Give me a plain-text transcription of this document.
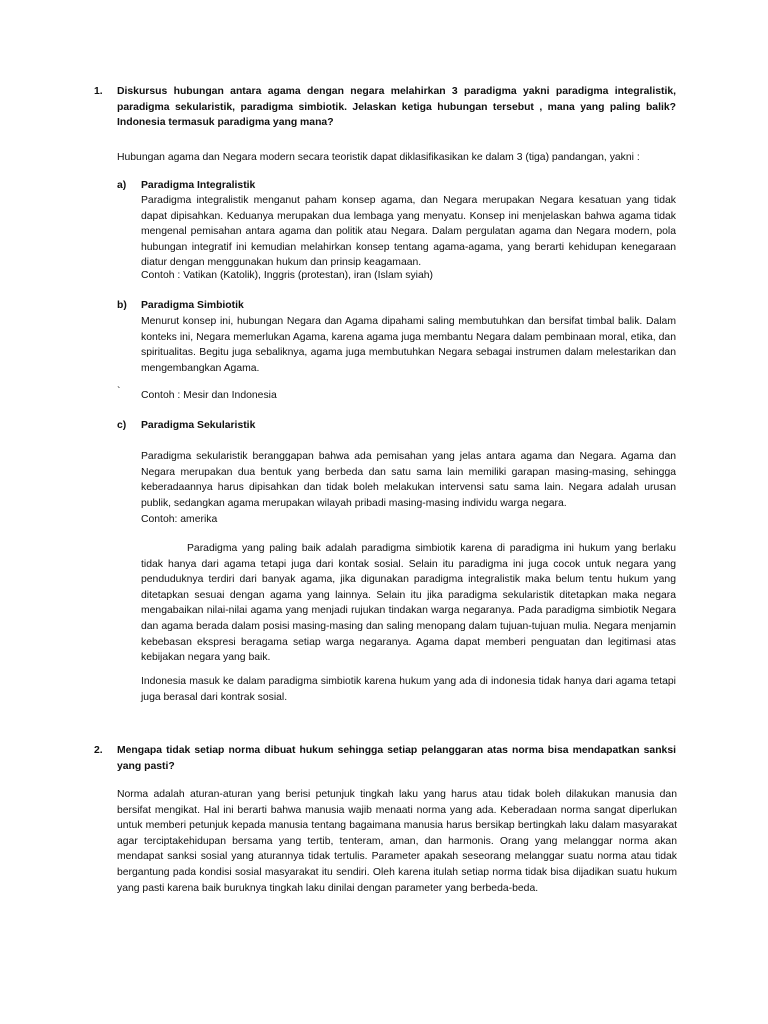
1. Diskursus hubungan antara agama dengan negara melahirkan 3 paradigma yakni paradigma integralistik, paradigma sekularistik, paradigma simbiotik. Jelaskan ketiga hubungan tersebut , mana yang paling balik? Indonesia termasuk paradigma yang mana?
Hubungan agama dan Negara modern secara teoristik dapat diklasifikasikan ke dalam 3 (tiga) pandangan, yakni :
a) Paradigma Integralistik
Paradigma integralistik menganut paham konsep agama, dan Negara merupakan Negara kesatuan yang tidak dapat dipisahkan. Keduanya merupakan dua lembaga yang menyatu. Konsep ini menjelaskan bahwa agama tidak mengenal pemisahan antara agama dan politik atau Negara. Dalam pergulatan agama dan Negara modern, pola hubungan integratif ini kemudian melahirkan konsep tentang agama-agama, yang berarti kehidupan kenegaraan diatur dengan menggunakan hukum dan prinsip keagamaan.
Contoh : Vatikan (Katolik), Inggris (protestan), iran (Islam syiah)
b) Paradigma Simbiotik
Menurut konsep ini, hubungan Negara dan Agama dipahami saling membutuhkan dan bersifat timbal balik. Dalam konteks ini, Negara memerlukan Agama, karena agama juga membantu Negara dalam pembinaan moral, etika, dan spiritualitas. Begitu juga sebaliknya, agama juga membutuhkan Negara sebagai instrumen dalam melestarikan dan mengembangkan Agama.
` Contoh : Mesir dan Indonesia
c) Paradigma Sekularistik
Paradigma sekularistik beranggapan bahwa ada pemisahan yang jelas antara agama dan Negara. Agama dan Negara merupakan dua bentuk yang berbeda dan satu sama lain memiliki garapan masing-masing, sehingga keberadaannya harus dipisahkan dan tidak boleh melakukan intervensi satu sama lain. Negara adalah urusan publik, sedangkan agama merupakan wilayah pribadi masing-masing individu warga negara.
Contoh: amerika
Paradigma yang paling baik adalah paradigma simbiotik karena di paradigma ini hukum yang berlaku tidak hanya dari agama tetapi juga dari kontak sosial. Selain itu paradigma ini juga cocok untuk negara yang penduduknya terdiri dari banyak agama, jika digunakan paradigma integralistik maka belum tentu hukum yang ditetapkan sesuai dengan agama yang lainnya. Selain itu jika paradigma sekularistik ditetapkan maka negara mengabaikan nilai-nilai agama yang menjadi rujukan tindakan warga negaranya. Pada paradigma simbiotik Negara dan agama berada dalam posisi masing-masing dan saling menopang dalam tujuan-tujuan mulia. Negara menjamin kebebasan ekspresi beragama setiap warga negaranya. Agama dapat memberi penguatan dan legitimasi atas kebijakan negara yang baik.
Indonesia masuk ke dalam paradigma simbiotik karena hukum yang ada di indonesia tidak hanya dari agama tetapi juga berasal dari kontrak sosial.
2. Mengapa tidak setiap norma dibuat hukum sehingga setiap pelanggaran atas norma bisa mendapatkan sanksi yang pasti?
Norma adalah aturan-aturan yang berisi petunjuk tingkah laku yang harus atau tidak boleh dilakukan manusia dan bersifat mengikat. Hal ini berarti bahwa manusia wajib menaati norma yang ada. Keberadaan norma sangat diperlukan untuk memberi petunjuk kepada manusia tentang bagaimana manusia harus bersikap bertingkah laku dalam masyarakat agar terciptakehidupan bersama yang tertib, tenteram, aman, dan harmonis. Orang yang melanggar norma akan mendapat sanksi sosial yang aturannya tidak tertulis. Parameter apakah seseorang melanggar suatu norma atau tidak bergantung pada kondisi sosial masyarakat itu sendiri. Oleh karena itulah setiap norma tidak bisa dijadikan suatu hukum yang pasti karena baik buruknya tingkah laku dinilai dengan parameter yang berbeda-beda.
